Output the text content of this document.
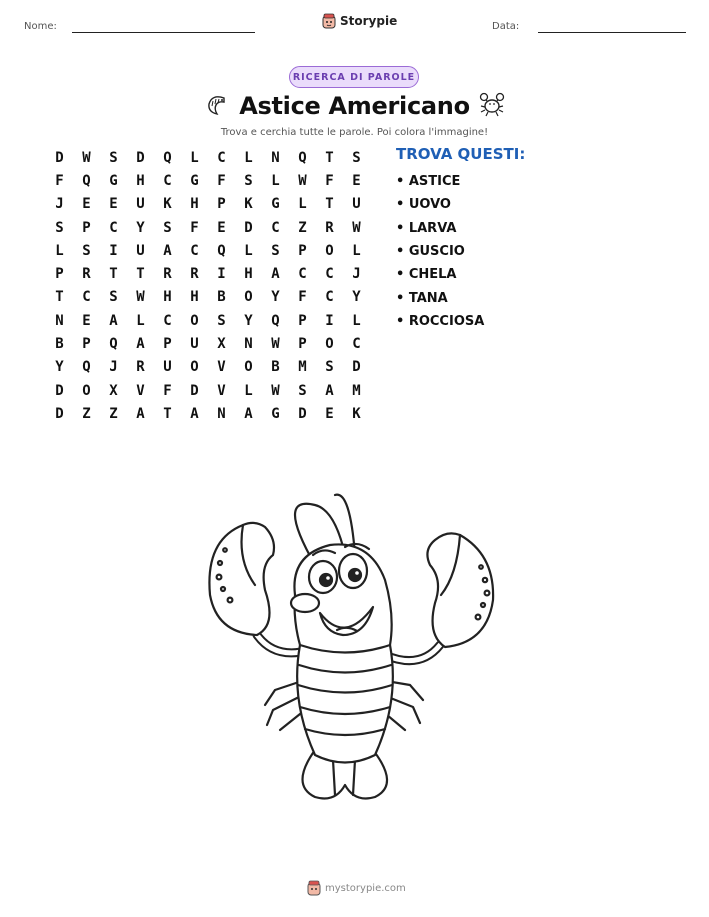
Nome:	Storypie	Data:
RICERCA DI PAROLE
Astice Americano
Trova e cerchia tutte le parole. Poi colora l'immagine!
D	W	S	D	Q	L	C	L	N	Q	T	S
F	Q	G	H	C	G	F	S	L	W	F	E
J	E	E	U	K	H	P	K	G	L	T	U
S	P	C	Y	S	F	E	D	C	Z	R	W
L	S	I	U	A	C	Q	L	S	P	O	L
P	R	T	T	R	R	I	H	A	C	C	J
T	C	S	W	H	H	B	O	Y	F	C	Y
N	E	A	L	C	O	S	Y	Q	P	I	L
B	P	Q	A	P	U	X	N	W	P	O	C
Y	Q	J	R	U	O	V	O	B	M	S	D
D	O	X	V	F	D	V	L	W	S	A	M
D	Z	Z	A	T	A	N	A	G	D	E	K
TROVA QUESTI:
• ASTICE
• UOVO
• LARVA
• GUSCIO
• CHELA
• TANA
• ROCCIOSA
mystorypie.com
